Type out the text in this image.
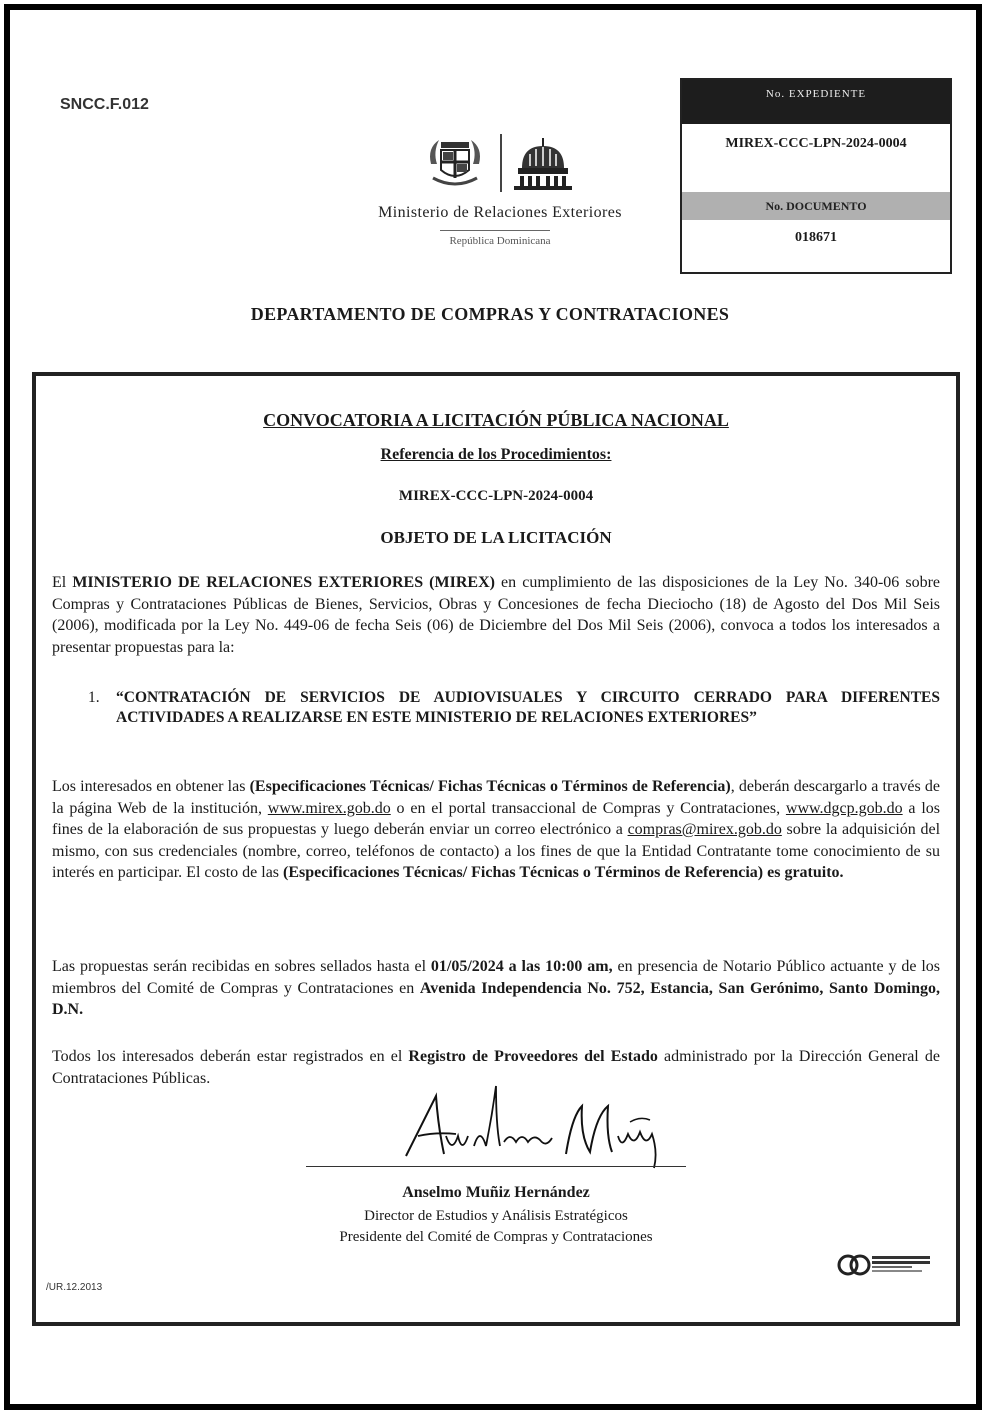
SNCC.F.012
Ministerio de Relaciones Exteriores
República Dominicana
No. EXPEDIENTE
MIREX-CCC-LPN-2024-0004
No. DOCUMENTO
018671
DEPARTAMENTO DE COMPRAS Y CONTRATACIONES
CONVOCATORIA A LICITACIÓN PÚBLICA NACIONAL
Referencia de los Procedimientos:
MIREX-CCC-LPN-2024-0004
OBJETO DE LA LICITACIÓN
El MINISTERIO DE RELACIONES EXTERIORES (MIREX) en cumplimiento de las disposiciones de la Ley No. 340-06 sobre Compras y Contrataciones Públicas de Bienes, Servicios, Obras y Concesiones de fecha Dieciocho (18) de Agosto del Dos Mil Seis (2006), modificada por la Ley No. 449-06 de fecha Seis (06) de Diciembre del Dos Mil Seis (2006), convoca a todos los interesados a presentar propuestas para la:
1. “CONTRATACIÓN DE SERVICIOS DE AUDIOVISUALES Y CIRCUITO CERRADO PARA DIFERENTES ACTIVIDADES A REALIZARSE EN ESTE MINISTERIO DE RELACIONES EXTERIORES”
Los interesados en obtener las (Especificaciones Técnicas/ Fichas Técnicas o Términos de Referencia), deberán descargarlo a través de la página Web de la institución, www.mirex.gob.do o en el portal transaccional de Compras y Contrataciones, www.dgcp.gob.do a los fines de la elaboración de sus propuestas y luego deberán enviar un correo electrónico a compras@mirex.gob.do sobre la adquisición del mismo, con sus credenciales (nombre, correo, teléfonos de contacto) a los fines de que la Entidad Contratante tome conocimiento de su interés en participar. El costo de las (Especificaciones Técnicas/ Fichas Técnicas o Términos de Referencia) es gratuito.
Las propuestas serán recibidas en sobres sellados hasta el 01/05/2024 a las 10:00 am, en presencia de Notario Público actuante y de los miembros del Comité de Compras y Contrataciones en Avenida Independencia No. 752, Estancia, San Gerónimo, Santo Domingo, D.N.
Todos los interesados deberán estar registrados en el Registro de Proveedores del Estado administrado por la Dirección General de Contrataciones Públicas.
Anselmo Muñiz Hernández
Director de Estudios y Análisis Estratégicos
Presidente del Comité de Compras y Contrataciones
/UR.12.2013
